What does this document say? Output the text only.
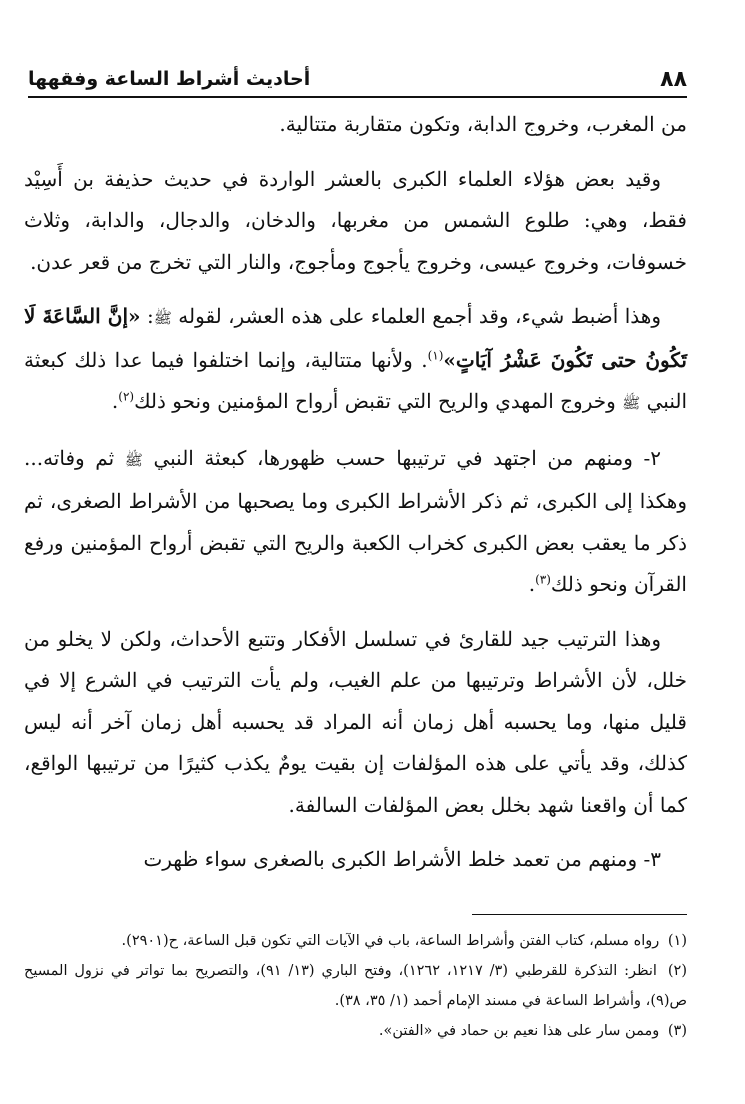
٨٨
أحاديث أشراط الساعة وفقهها

من المغرب، وخروج الدابة، وتكون متقاربة متتالية.

وقيد بعض هؤلاء العلماء الكبرى بالعشر الواردة في حديث حذيفة بن أَسِيْد فقط، وهي: طلوع الشمس من مغربها، والدخان، والدجال، والدابة، وثلاث خسوفات، وخروج عيسى، وخروج يأجوج ومأجوج، والنار التي تخرج من قعر عدن.

وهذا أضبط شيء، وقد أجمع العلماء على هذه العشر، لقوله ﷺ: «إنَّ السَّاعَةَ لَا تَكُونُ حتى تَكُونَ عَشْرُ آيَاتٍ»$^{(١)}$. ولأنها متتالية، وإنما اختلفوا فيما عدا ذلك كبعثة النبي ﷺ وخروج المهدي والريح التي تقبض أرواح المؤمنين ونحو ذلك$^{(٢)}$.

٢- ومنهم من اجتهد في ترتيبها حسب ظهورها، كبعثة النبي ﷺ ثم وفاته... وهكذا إلى الكبرى، ثم ذكر الأشراط الكبرى وما يصحبها من الأشراط الصغرى، ثم ذكر ما يعقب بعض الكبرى كخراب الكعبة والريح التي تقبض أرواح المؤمنين ورفع القرآن ونحو ذلك$^{(٣)}$.

وهذا الترتيب جيد للقارئ في تسلسل الأفكار وتتبع الأحداث، ولكن لا يخلو من خلل، لأن الأشراط وترتيبها من علم الغيب، ولم يأت الترتيب في الشرع إلا في قليل منها، وما يحسبه أهل زمان أنه المراد قد يحسبه أهل زمان آخر أنه ليس كذلك، وقد يأتي على هذه المؤلفات إن بقيت يومٌ يكذب كثيرًا من ترتيبها الواقع، كما أن واقعنا شهد بخلل بعض المؤلفات السالفة.

٣- ومنهم من تعمد خلط الأشراط الكبرى بالصغرى سواء ظهرت

(١) رواه مسلم، كتاب الفتن وأشراط الساعة، باب في الآيات التي تكون قبل الساعة، ح(٢٩٠١).

(٢) انظر: التذكرة للقرطبي (٣/ ١٢١٧، ١٢٦٢)، وفتح الباري (١٣/ ٩١)، والتصريح بما تواتر في نزول المسيح ص(٩)، وأشراط الساعة في مسند الإمام أحمد (١/ ٣٥، ٣٨).

(٣) وممن سار على هذا نعيم بن حماد في «الفتن».
